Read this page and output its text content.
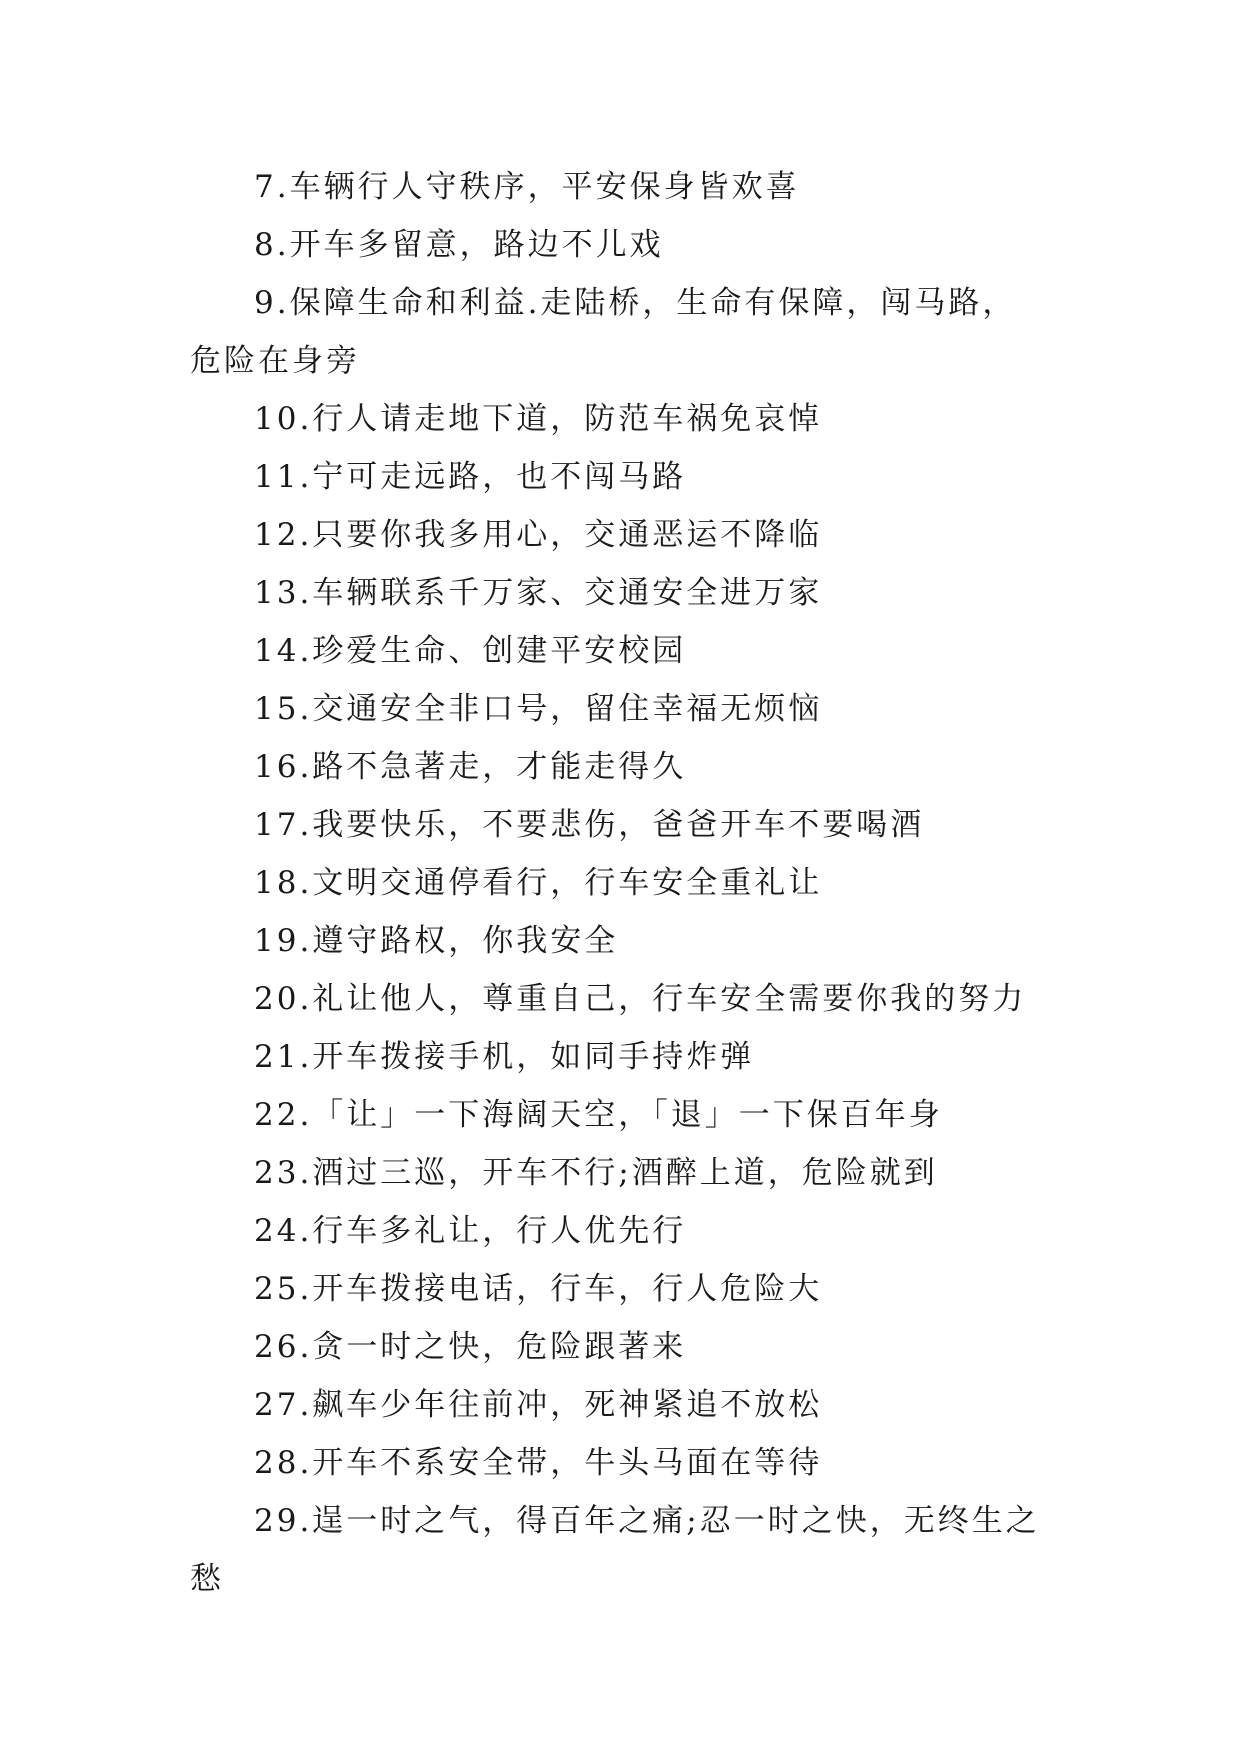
7.车辆行人守秩序，平安保身皆欢喜

8.开车多留意，路边不儿戏

9.保障生命和利益.走陆桥，生命有保障，闯马路，危险在身旁

10.行人请走地下道，防范车祸免哀悼

11.宁可走远路，也不闯马路

12.只要你我多用心，交通恶运不降临

13.车辆联系千万家、交通安全进万家

14.珍爱生命、创建平安校园

15.交通安全非口号，留住幸福无烦恼

16.路不急著走，才能走得久

17.我要快乐，不要悲伤，爸爸开车不要喝酒

18.文明交通停看行，行车安全重礼让

19.遵守路权，你我安全

20.礼让他人，尊重自己，行车安全需要你我的努力

21.开车拨接手机，如同手持炸弹

22.「让」一下海阔天空，「退」一下保百年身

23.酒过三巡，开车不行;酒醉上道，危险就到

24.行车多礼让，行人优先行

25.开车拨接电话，行车，行人危险大

26.贪一时之快，危险跟著来

27.飙车少年往前冲，死神紧追不放松

28.开车不系安全带，牛头马面在等待

29.逞一时之气，得百年之痛;忍一时之快，无终生之愁
